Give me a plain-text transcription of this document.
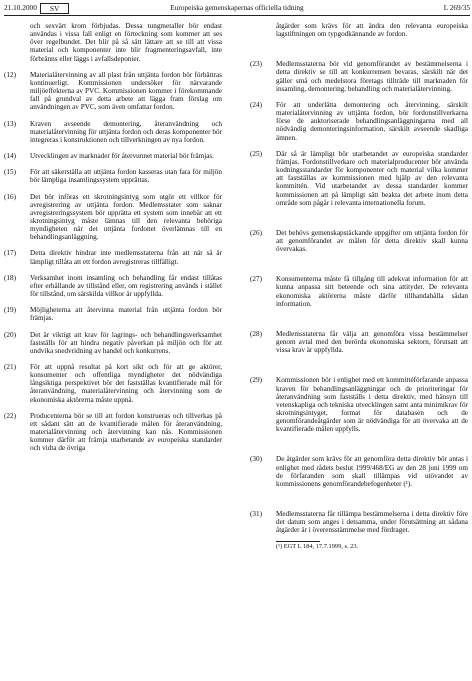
21.10.2000	SV	Europeiska gemenskapernas officiella tidning	L 269/35
och sexvärt krom förbjudas. Dessa tungmetaller bör endast användas i vissa fall enligt en förteckning som kommer att ses över regelbundet. Det blir på så sätt lättare att se till att vissa material och komponenter inte blir fragmenteringsavfall, inte förbränns eller läggs i avfallsdeponier.
(12) Materialåtervinning av all plast från uttjänta fordon bör förbättras kontinuerligt. Kommissionen undersöker för närvarande miljöeffekterna av PVC. Kommissionen kommer i förekommande fall på grundval av detta arbete att lägga fram förslag om användningen av PVC, som även omfattar fordon.
(13) Kraven avseende demontering, återanvändning och materialåtervinning för uttjänta fordon och deras komponenter bör integreras i konstruktionen och tillverkningen av nya fordon.
(14) Utvecklingen av marknader för återvunnet material bör främjas.
(15) För att säkerställa att uttjänta fordon kasseras utan fara för miljön bör lämpliga insamlingssystem upprättas.
(16) Det bör införas ett skrotningsintyg som utgör ett villkor för avregistrering av uttjänta fordon. Medlemsstater som saknar avregistreringssystem bör upprätta ett system som innebär att ett skrotningsintyg måste lämnas till den relevanta behöriga myndigheten när det uttjänta fordonet överlämnas till en behandlingsanläggning.
(17) Detta direktiv hindrar inte medlemsstaterna från att när så är lämpligt tillåta att ett fordon avregistreras tillfälligt.
(18) Verksamhet inom insamling och behandling får endast tillåtas efter erhållande av tillstånd eller, om registrering används i stället för tillstånd, om särskilda villkor är uppfyllda.
(19) Möjligheterna att återvinna material från uttjänta fordon bör främjas.
(20) Det är viktigt att krav för lagrings- och behandlingsverksamhet fastställs för att hindra negativ påverkan på miljön och för att undvika snedvridning av handel och konkurrens.
(21) För att uppnå resultat på kort sikt och för att ge aktörer, konsumenter och offentliga myndigheter det nödvändiga långsiktiga perspektivet bör det fastställas kvantifierade mål för återanvändning, materialåtervinning och återvinning som de ekonomiska aktörerna måste uppnå.
(22) Producenterna bör se till att fordon konstrueras och tillverkas på ett sådant sätt att de kvantifierade målen för återanvändning, materialåtervinning och återvinning kan nås. Kommissionen kommer därför att främja utarbetande av europeiska standarder och vidta de övriga
åtgärder som krävs för att ändra den relevanta europeiska lagstiftningen om typgodkännande av fordon.
(23) Medlemsstaterna bör vid genomförandet av bestämmelserna i detta direktiv se till att konkurrensen bevaras, särskilt när det gäller små och medelstora företags tillträde till marknaden för insamling, demontering, behandling och materialåtervinning.
(24) För att underlätta demontering och återvinning, särskilt materialåtervinning av uttjänta fordon, bör fordonstillverkarna förse de auktoriserade behandlingsanläggningarna med all nödvändig demonteringsinformation, särskilt avseende skadliga ämnen.
(25) Där så är lämpligt bör utarbetandet av europeiska standarder främjas. Fordonstillverkare och materialproducenter bör använda kodningsstandarder för komponenter och material vilka kommer att fastställas av kommissionen med hjälp av den relevanta kommittén. Vid utarbetandet av dessa standarder kommer kommissionen att på lämpligt sätt beakta det arbete inom detta område som pågår i relevanta internationella forum.
(26) Det behövs gemenskapstäckande uppgifter om uttjänta fordon för att genomförandet av målen för detta direktiv skall kunna övervakas.
(27) Konsumenterna måste få tillgång till adekvat information för att kunna anpassa sitt beteende och sina attityder. De relevanta ekonomiska aktörerna måste därför tillhandahålla sådan information.
(28) Medlemsstaterna får välja att genomföra vissa bestämmelser genom avtal med den berörda ekonomiska sektorn, förutsatt att vissa krav är uppfyllda.
(29) Kommissionen bör i enlighet med ett kommittéförfarande anpassa kraven för behandlingsanläggningar och de prioriteringar för återanvändning som fastställs i detta direktiv, med hänsyn till vetenskapliga och tekniska utvecklingen samt anta minimikrav för skrotningsintyget, format för databasen och de genomförandeåtgärder som är nödvändiga för att övervaka att de kvantifierade målen uppfylls.
(30) De åtgärder som krävs för att genomföra detta direktiv bör antas i enlighet med rådets beslut 1999/468/EG av den 28 juni 1999 om de förfaranden som skall tillämpas vid utövandet av kommissionens genomförandebefogenheter (¹).
(31) Medlemsstaterna får tillämpa bestämmelserna i detta direktiv före det datum som anges i detsamma, under förutsättning att sådana åtgärder är i överensstämmelse med fördraget.
(¹) EGT L 184, 17.7.1999, s. 23.
